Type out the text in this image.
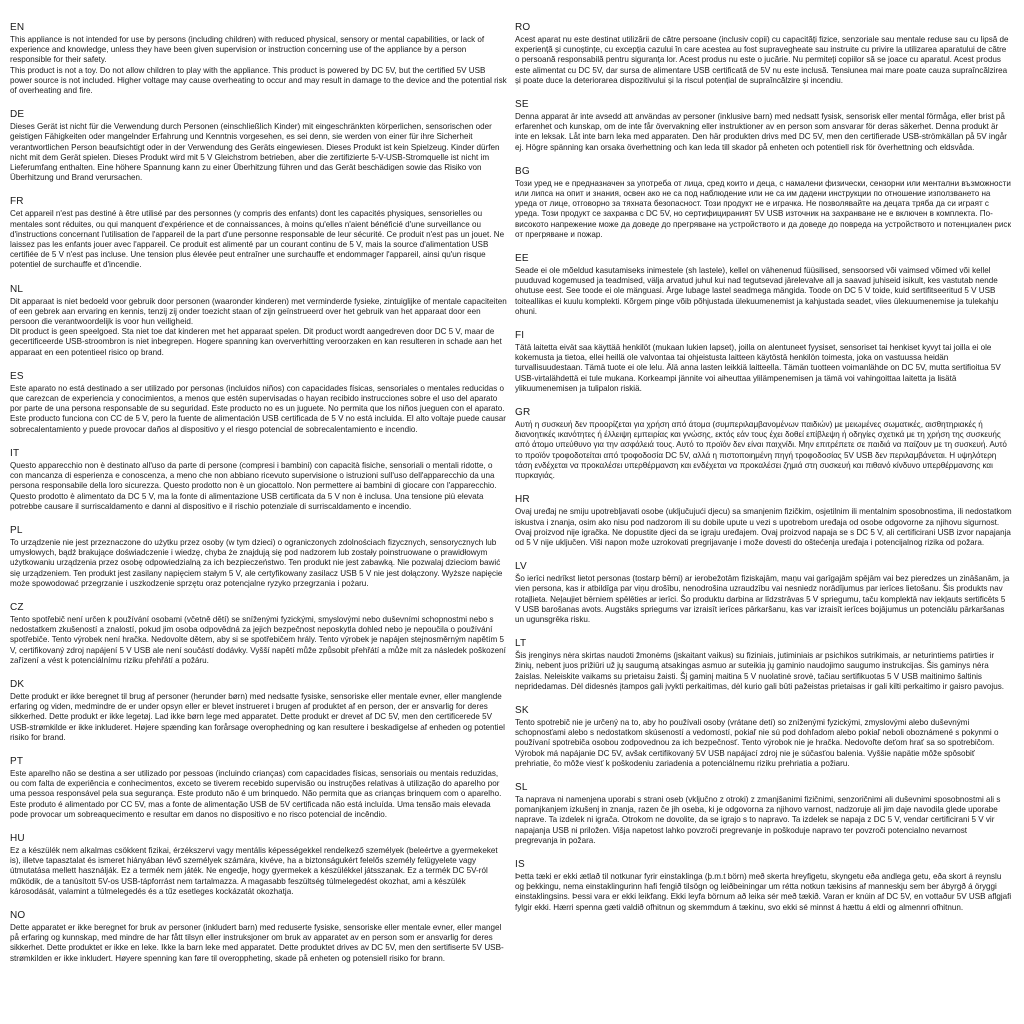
EN

This appliance is not intended for use by persons (including children) with reduced physical, sensory or mental capabilities, or lack of experience and knowledge, unless they have been given supervision or instruction concerning use of the appliance by a person responsible for their safety.

This product is not a toy. Do not allow children to play with the appliance. This product is powered by DC 5V, but the certified 5V USB power source is not included. Higher voltage may cause overheating to occur and may result in damage to the device and the potential risk of overheating and fire.

DE

Dieses Gerät ist nicht für die Verwendung durch Personen (einschließlich Kinder) mit eingeschränkten körperlichen, sensorischen oder geistigen Fähigkeiten oder mangelnder Erfahrung und Kenntnis vorgesehen, es sei denn, sie werden von einer für ihre Sicherheit verantwortlichen Person beaufsichtigt oder in der Verwendung des Geräts eingewiesen. Dieses Produkt ist kein Spielzeug. Kinder dürfen nicht mit dem Gerät spielen. Dieses Produkt wird mit 5 V Gleichstrom betrieben, aber die zertifizierte 5-V-USB-Stromquelle ist nicht im Lieferumfang enthalten. Eine höhere Spannung kann zu einer Überhitzung führen und das Gerät beschädigen sowie das Risiko von Überhitzung und Brand verursachen.

FR

Cet appareil n'est pas destiné à être utilisé par des personnes (y compris des enfants) dont les capacités physiques, sensorielles ou mentales sont réduites, ou qui manquent d'expérience et de connaissances, à moins qu'elles n'aient bénéficié d'une surveillance ou d'instructions concernant l'utilisation de l'appareil de la part d'une personne responsable de leur sécurité. Ce produit n'est pas un jouet. Ne laissez pas les enfants jouer avec l'appareil. Ce produit est alimenté par un courant continu de 5 V, mais la source d'alimentation USB certifiée de 5 V n'est pas incluse. Une tension plus élevée peut entraîner une surchauffe et endommager l'appareil, ainsi qu'un risque potentiel de surchauffe et d'incendie.

NL

Dit apparaat is niet bedoeld voor gebruik door personen (waaronder kinderen) met verminderde fysieke, zintuiglijke of mentale capaciteiten of een gebrek aan ervaring en kennis, tenzij zij onder toezicht staan of zijn geïnstrueerd over het gebruik van het apparaat door een persoon die verantwoordelijk is voor hun veiligheid.

Dit product is geen speelgoed. Sta niet toe dat kinderen met het apparaat spelen. Dit product wordt aangedreven door DC 5 V, maar de gecertificeerde USB-stroombron is niet inbegrepen. Hogere spanning kan oververhitting veroorzaken en kan resulteren in schade aan het apparaat en een potentieel risico op brand.

ES

Este aparato no está destinado a ser utilizado por personas (incluidos niños) con capacidades físicas, sensoriales o mentales reducidas o que carezcan de experiencia y conocimientos, a menos que estén supervisadas o hayan recibido instrucciones sobre el uso del aparato por parte de una persona responsable de su seguridad. Este producto no es un juguete. No permita que los niños jueguen con el aparato. Este producto funciona con CC de 5 V, pero la fuente de alimentación USB certificada de 5 V no está incluida. El alto voltaje puede causar sobrecalentamiento y puede provocar daños al dispositivo y el riesgo potencial de sobrecalentamiento e incendio.

IT

Questo apparecchio non è destinato all'uso da parte di persone (compresi i bambini) con capacità fisiche, sensoriali o mentali ridotte, o con mancanza di esperienza e conoscenza, a meno che non abbiano ricevuto supervisione o istruzioni sull'uso dell'apparecchio da una persona responsabile della loro sicurezza. Questo prodotto non è un giocattolo. Non permettere ai bambini di giocare con l'apparecchio. Questo prodotto è alimentato da DC 5 V, ma la fonte di alimentazione USB certificata da 5 V non è inclusa. Una tensione più elevata potrebbe causare il surriscaldamento e danni al dispositivo e il rischio potenziale di surriscaldamento e incendio.

PL

To urządzenie nie jest przeznaczone do użytku przez osoby (w tym dzieci) o ograniczonych zdolnościach fizycznych, sensorycznych lub umysłowych, bądź brakujące doświadczenie i wiedzę, chyba że znajdują się pod nadzorem lub zostały poinstruowane o prawidłowym użytkowaniu urządzenia przez osobę odpowiedzialną za ich bezpieczeństwo. Ten produkt nie jest zabawką. Nie pozwalaj dzieciom bawić się urządzeniem. Ten produkt jest zasilany napięciem stałym 5 V, ale certyfikowany zasilacz USB 5 V nie jest dołączony. Wyższe napięcie może spowodować przegrzanie i uszkodzenie sprzętu oraz potencjalne ryzyko przegrzania i pożaru.

CZ

Tento spotřebič není určen k používání osobami (včetně dětí) se sníženými fyzickými, smyslovými nebo duševními schopnostmi nebo s nedostatkem zkušeností a znalostí, pokud jim osoba odpovědná za jejich bezpečnost neposkytla dohled nebo je nepoučila o používání spotřebiče. Tento výrobek není hračka. Nedovolte dětem, aby si se spotřebičem hrály. Tento výrobek je napájen stejnosměrným napětím 5 V, certifikovaný zdroj napájení 5 V USB ale není součástí dodávky. Vyšší napětí může způsobit přehřátí a může mít za následek poškození zařízení a vést k potenciálnímu riziku přehřátí a požáru.

DK

Dette produkt er ikke beregnet til brug af personer (herunder børn) med nedsatte fysiske, sensoriske eller mentale evner, eller manglende erfaring og viden, medmindre de er under opsyn eller er blevet instrueret i brugen af produktet af en person, der er ansvarlig for deres sikkerhed. Dette produkt er ikke legetøj. Lad ikke børn lege med apparatet. Dette produkt er drevet af DC 5V, men den certificerede 5V USB-strømkilde er ikke inkluderet. Højere spænding kan forårsage overophedning og kan resultere i beskadigelse af enheden og potentiel risiko for brand.

PT

Este aparelho não se destina a ser utilizado por pessoas (incluindo crianças) com capacidades físicas, sensoriais ou mentais reduzidas, ou com falta de experiência e conhecimentos, exceto se tiverem recebido supervisão ou instruções relativas à utilização do aparelho por uma pessoa responsável pela sua segurança. Este produto não é um brinquedo. Não permita que as crianças brinquem com o aparelho. Este produto é alimentado por CC 5V, mas a fonte de alimentação USB de 5V certificada não está incluída. Uma tensão mais elevada pode provocar um sobreaquecimento e resultar em danos no dispositivo e no risco potencial de incêndio.

HU

Ez a készülék nem alkalmas csökkent fizikai, érzékszervi vagy mentális képességekkel rendelkező személyek (beleértve a gyermekeket is), illetve tapasztalat és ismeret hiányában lévő személyek számára, kivéve, ha a biztonságukért felelős személy felügyelete vagy útmutatása mellett használják. Ez a termék nem játék. Ne engedje, hogy gyermekek a készülékkel játsszanak. Ez a termék DC 5V-ról működik, de a tanúsított 5V-os USB-tápforrást nem tartalmazza. A magasabb feszültség túlmelegedést okozhat, ami a készülék károsodását, valamint a túlmelegedés és a tűz esetleges kockázatát okozhatja.

NO

Dette apparatet er ikke beregnet for bruk av personer (inkludert barn) med reduserte fysiske, sensoriske eller mentale evner, eller mangel på erfaring og kunnskap, med mindre de har fått tilsyn eller instruksjoner om bruk av apparatet av en person som er ansvarlig for deres sikkerhet. Dette produktet er ikke en leke. Ikke la barn leke med apparatet. Dette produktet drives av DC 5V, men den sertifiserte 5V USB-strømkilden er ikke inkludert. Høyere spenning kan føre til overoppheting, skade på enheten og potensiell risiko for brann.

RO

Acest aparat nu este destinat utilizării de către persoane (inclusiv copii) cu capacități fizice, senzoriale sau mentale reduse sau cu lipsă de experiență și cunoștințe, cu excepția cazului în care acestea au fost supravegheate sau instruite cu privire la utilizarea aparatului de către o persoană responsabilă pentru siguranța lor. Acest produs nu este o jucărie. Nu permiteți copiilor să se joace cu aparatul. Acest produs este alimentat cu DC 5V, dar sursa de alimentare USB certificată de 5V nu este inclusă. Tensiunea mai mare poate cauza supraîncălzirea și poate duce la deteriorarea dispozitivului și la riscul potențial de supraîncălzire și incendiu.

SE

Denna apparat är inte avsedd att användas av personer (inklusive barn) med nedsatt fysisk, sensorisk eller mental förmåga, eller brist på erfarenhet och kunskap, om de inte får övervakning eller instruktioner av en person som ansvarar för deras säkerhet. Denna produkt är inte en leksak. Låt inte barn leka med apparaten. Den här produkten drivs med DC 5V, men den certifierade USB-strömkällan på 5V ingår ej. Högre spänning kan orsaka överhettning och kan leda till skador på enheten och potentiell risk för överhettning och eldsvåda.

BG

Този уред не е предназначен за употреба от лица, сред които и деца, с намалени физически, сензорни или ментални възможности или липса на опит и знания, освен ако не са под наблюдение или не са им дадени инструкции по отношение използването на уреда от лице, отговорно за тяхната безопасност. Този продукт не е играчка. Не позволявайте на децата тряба да си играят с уреда. Този продукт се захранва с DC 5V, но сертифицираният 5V USB източник на захранване не е включен в комплекта. По-високото напрежение може да доведе до прегряване на устройството и да доведе до повреда на устройството и потенциален риск от прегряване и пожар.

EE

Seade ei ole mõeldud kasutamiseks inimestele (sh lastele), kellel on vähenenud füüsilised, sensoorsed või vaimsed võimed või kellel puuduvad kogemused ja teadmised, välja arvatud juhul kui nad tegutsevad järelevalve all ja saavad juhiseid isikult, kes vastutab nende ohutuse eest. See toode ei ole mänguasi. Ärge lubage lastel seadmega mängida. Toode on DC 5 V toide, kuid sertifitseeritud 5 V USB toiteallikas ei kuulu komplekti. Kõrgem pinge võib põhjustada ülekuumenemist ja kahjustada seadet, viies ülekuumenemise ja tulekahju ohuni.

FI

Tätä laitetta eivät saa käyttää henkilöt (mukaan lukien lapset), joilla on alentuneet fyysiset, sensoriset tai henkiset kyvyt tai joilla ei ole kokemusta ja tietoa, ellei heillä ole valvontaa tai ohjeistusta laitteen käytöstä henkilön toimesta, joka on vastuussa heidän turvallisuudestaan. Tämä tuote ei ole lelu. Älä anna lasten leikkiä laitteella. Tämän tuotteen voimanlähde on DC 5V, mutta sertifioitua 5V USB-virtalähdettä ei tule mukana. Korkeampi jännite voi aiheuttaa ylilämpenemisen ja tämä voi vahingoittaa laitetta ja lisätä ylikuumenemisen ja tulipalon riskiä.

GR

Αυτή η συσκευή δεν προορίζεται για χρήση από άτομα (συμπεριλαμβανομένων παιδιών) με μειωμένες σωματικές, αισθητηριακές ή διανοητικές ικανότητες ή έλλειψη εμπειρίας και γνώσης, εκτός εάν τους έχει δοθεί επίβλεψη ή οδηγίες σχετικά με τη χρήση της συσκευής από άτομο υπεύθυνο για την ασφάλειά τους. Αυτό το προϊόν δεν είναι παιχνίδι. Μην επιτρέπετε σε παιδιά να παίζουν με τη συσκευή. Αυτό το προϊόν τροφοδοτείται από τροφοδοσία DC 5V, αλλά η πιστοποιημένη πηγή τροφοδοσίας 5V USB δεν περιλαμβάνεται. Η υψηλότερη τάση ενδέχεται να προκαλέσει υπερθέρμανση και ενδέχεται να προκαλέσει ζημιά στη συσκευή και πιθανό κίνδυνο υπερθέρμανσης και πυρκαγιάς.

HR

Ovaj uređaj ne smiju upotrebljavati osobe (uključujući djecu) sa smanjenim fizičkim, osjetilnim ili mentalnim sposobnostima, ili nedostatkom iskustva i znanja, osim ako nisu pod nadzorom ili su dobile upute u vezi s upotrebom uređaja od osobe odgovorne za njihovu sigurnost. Ovaj proizvod nije igračka. Ne dopustite djeci da se igraju uređajem. Ovaj proizvod napaja se s DC 5 V, ali certificirani USB izvor napajanja od 5 V nije uključen. Viši napon može uzrokovati pregrijavanje i može dovesti do oštećenja uređaja i potencijalnog rizika od požara.

LV

Šo ierīci nedrīkst lietot personas (tostarp bērni) ar ierobežotām fiziskajām, maņu vai garīgajām spējām vai bez pieredzes un zināšanām, ja vien persona, kas ir atbildīga par viņu drošību, nenodrošina uzraudzību vai nesniedz norādījumus par ierīces lietošanu. Šis produkts nav rotaļlieta. Neļaujiet bērniem spēlēties ar ierīci. Šo produktu darbina ar līdzstrāvas 5 V spriegumu, taču komplektā nav iekļauts sertificēts 5 V USB barošanas avots. Augstāks spriegums var izraisīt ierīces pārkaršanu, kas var izraisīt ierīces bojājumus un potenciālu pārkaršanas un ugunsgrēka risku.

LT

Šis įrenginys nėra skirtas naudoti žmonėms (įskaitant vaikus) su fiziniais, jutiminiais ar psichikos sutrikimais, ar neturintiems patirties ir žinių, nebent juos prižiūri už jų saugumą atsakingas asmuo ar suteikia jų gaminio naudojimo saugumo instrukcijas. Šis gaminys nėra žaislas. Neleiskite vaikams su prietaisu žaisti. Šį gaminį maitina 5 V nuolatinė srovė, tačiau sertifikuotas 5 V USB maitinimo šaltinis nepridedamas. Dėl didesnės įtampos gali įvykti perkaitimas, dėl kurio gali būti pažeistas prietaisas ir gali kilti perkaitimo ir gaisro pavojus.

SK

Tento spotrebič nie je určený na to, aby ho používali osoby (vrátane detí) so zníženými fyzickými, zmyslovými alebo duševnými schopnosťami alebo s nedostatkom skúseností a vedomostí, pokiaľ nie sú pod dohľadom alebo pokiaľ neboli oboznámené s pokynmi o používaní spotrebiča osobou zodpovednou za ich bezpečnosť. Tento výrobok nie je hračka. Nedovoľte deťom hrať sa so spotrebičom. Výrobok má napájanie DC 5V, avšak certifikovaný 5V USB napájací zdroj nie je súčasťou balenia. Vyššie napätie môže spôsobiť prehriatie, čo môže viesť k poškodeniu zariadenia a potenciálnemu riziku prehriatia a požiaru.

SL

Ta naprava ni namenjena uporabi s strani oseb (vključno z otroki) z zmanjšanimi fizičnimi, senzoričnimi ali duševnimi sposobnostmi ali s pomanjkanjem izkušenj in znanja, razen če jih oseba, ki je odgovorna za njihovo varnost, nadzoruje ali jim daje navodila glede uporabe naprave. Ta izdelek ni igrača. Otrokom ne dovolite, da se igrajo s to napravo. Ta izdelek se napaja z DC 5 V, vendar certificirani 5 V vir napajanja USB ni priložen. Višja napetost lahko povzroči pregrevanje in poškoduje napravo ter povzroči potencialno nevarnost pregrevanja in požara.

IS

Þetta tæki er ekki ætlað til notkunar fyrir einstaklinga (þ.m.t börn) með skerta hreyfigetu, skyngetu eða andlega getu, eða skort á reynslu og þekkingu, nema einstaklingurinn hafi fengið tilsögn og leiðbeiningar um rétta notkun tækisins af manneskju sem ber ábyrgð á öryggi einstaklingsins. Þessi vara er ekki leikfang. Ekki leyfa börnum að leika sér með tækið. Varan er knúin af DC 5V, en vottaður 5V USB aflgjafi fylgir ekki. Hærri spenna gæti valdið ofhitnun og skemmdum á tækinu, svo ekki sé minnst á hættu á eldi og almennri ofhitnun.
